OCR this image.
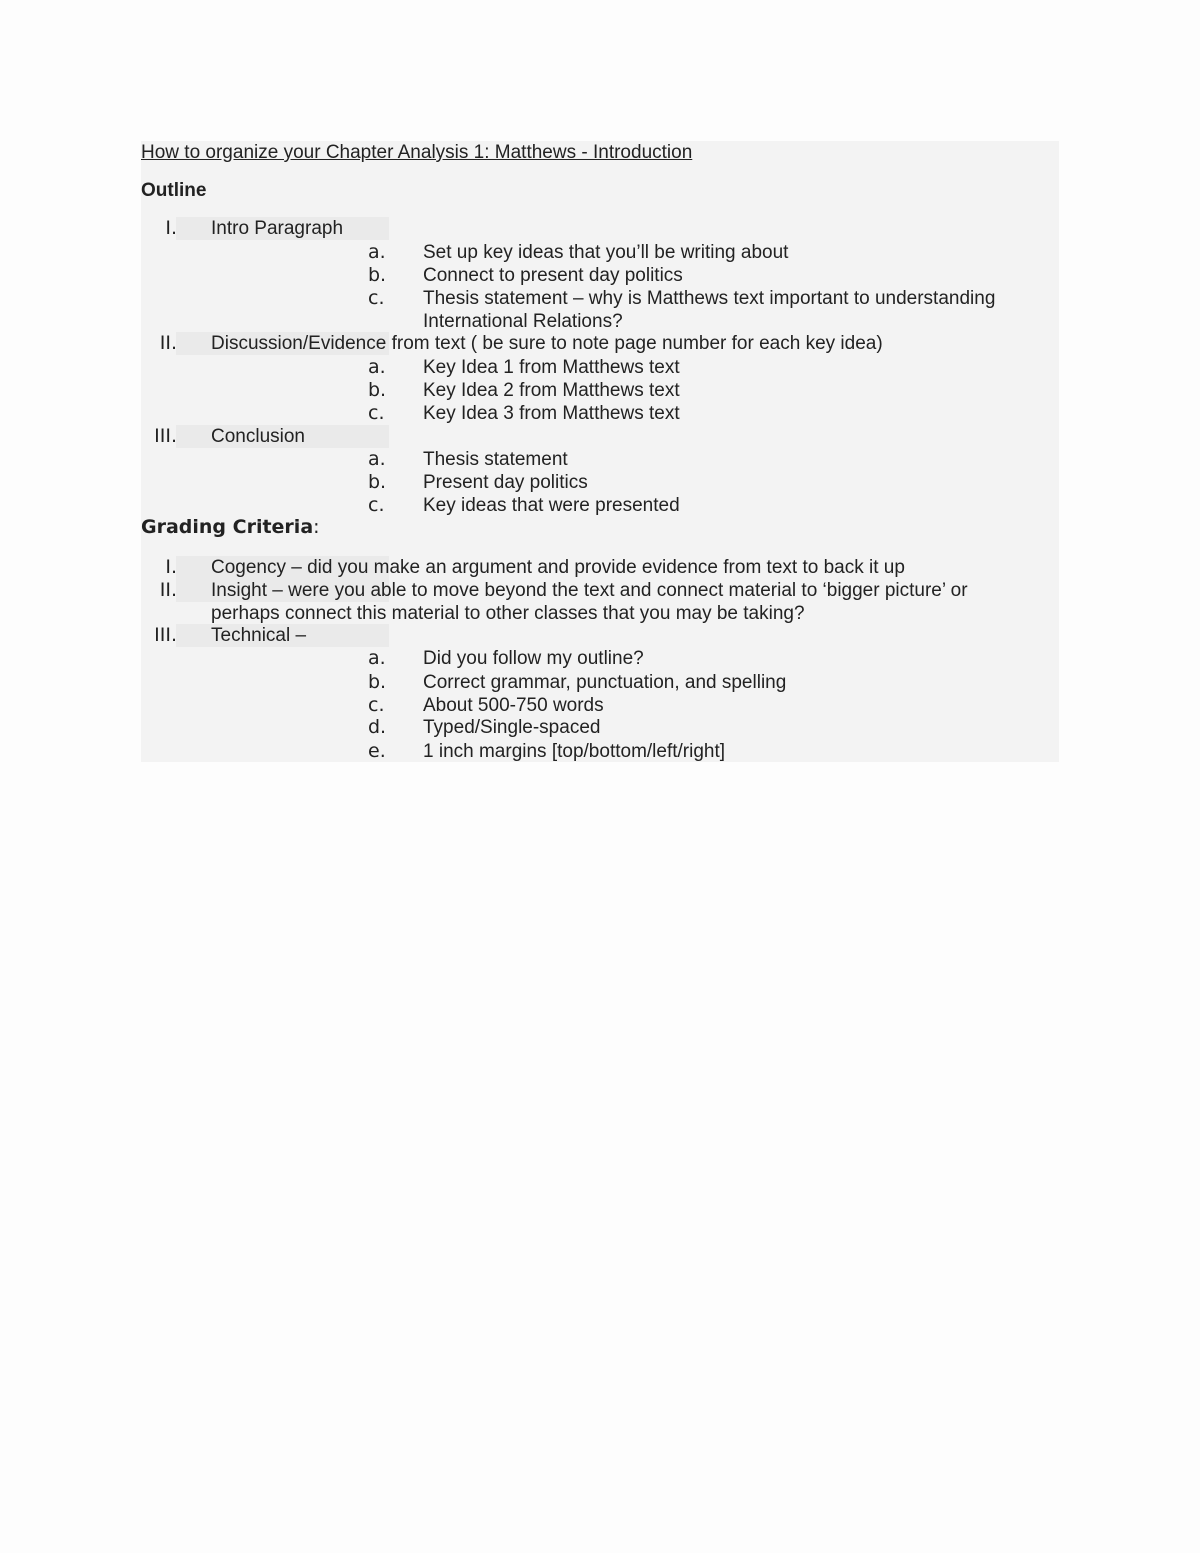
How to organize your Chapter Analysis 1: Matthews - Introduction
Outline
I. Intro Paragraph
a. Set up key ideas that you’ll be writing about
b. Connect to present day politics
c. Thesis statement – why is Matthews text important to understanding International Relations?
II. Discussion/Evidence from text ( be sure to note page number for each key idea)
a. Key Idea 1 from Matthews text
b. Key Idea 2 from Matthews text
c. Key Idea 3 from Matthews text
III. Conclusion
a. Thesis statement
b. Present day politics
c. Key ideas that were presented
Grading Criteria:
I. Cogency – did you make an argument and provide evidence from text to back it up
II. Insight – were you able to move beyond the text and connect material to ‘bigger picture’ or perhaps connect this material to other classes that you may be taking?
III. Technical –
a. Did you follow my outline?
b. Correct grammar, punctuation, and spelling
c. About 500-750 words
d. Typed/Single-spaced
e. 1 inch margins [top/bottom/left/right]
